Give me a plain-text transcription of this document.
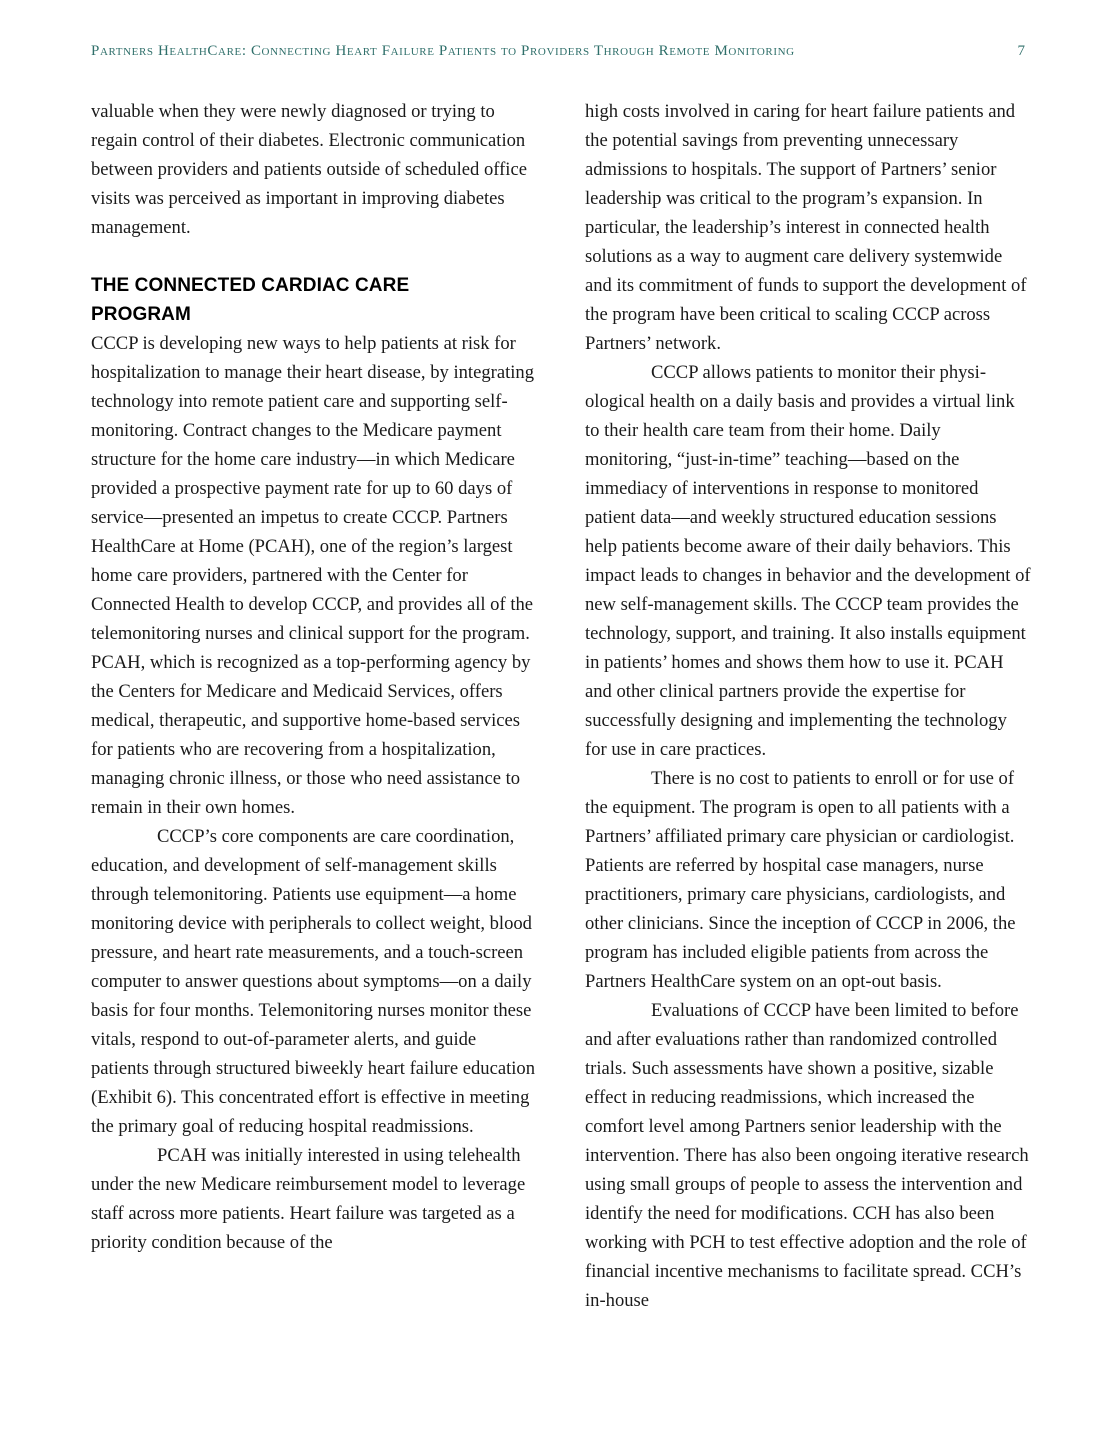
Partners HealthCare: Connecting Heart Failure Patients to Providers Through Remote Monitoring	7

valuable when they were newly diagnosed or trying to regain control of their diabetes. Electronic communication between providers and patients outside of scheduled office visits was perceived as important in improving diabetes management.

THE CONNECTED CARDIAC CARE
PROGRAM

CCCP is developing new ways to help patients at risk for hospitalization to manage their heart disease, by integrating technology into remote patient care and supporting self-monitoring. Contract changes to the Medicare payment structure for the home care industry—in which Medicare provided a prospective payment rate for up to 60 days of service—presented an impetus to create CCCP. Partners HealthCare at Home (PCAH), one of the region’s largest home care providers, partnered with the Center for Connected Health to develop CCCP, and provides all of the telemonitoring nurses and clinical support for the program. PCAH, which is recognized as a top-performing agency by the Centers for Medicare and Medicaid Services, offers medical, therapeutic, and supportive home-based services for patients who are recovering from a hospitalization, managing chronic illness, or those who need assistance to remain in their own homes.

CCCP’s core components are care coordination, education, and development of self-management skills through telemonitoring. Patients use equipment—a home monitoring device with peripherals to collect weight, blood pressure, and heart rate measurements, and a touch-screen computer to answer questions about symptoms—on a daily basis for four months. Telemonitoring nurses monitor these vitals, respond to out-of-parameter alerts, and guide patients through structured biweekly heart failure education (Exhibit 6). This concentrated effort is effective in meeting the primary goal of reducing hospital readmissions.

PCAH was initially interested in using telehealth under the new Medicare reimbursement model to leverage staff across more patients. Heart failure was targeted as a priority condition because of the

high costs involved in caring for heart failure patients and the potential savings from preventing unnecessary admissions to hospitals. The support of Partners’ senior leadership was critical to the program’s expansion. In particular, the leadership’s interest in connected health solutions as a way to augment care delivery systemwide and its commitment of funds to support the development of the program have been critical to scaling CCCP across Partners’ network.

CCCP allows patients to monitor their physiological health on a daily basis and provides a virtual link to their health care team from their home. Daily monitoring, “just-in-time” teaching—based on the immediacy of interventions in response to monitored patient data—and weekly structured education sessions help patients become aware of their daily behaviors. This impact leads to changes in behavior and the development of new self-management skills. The CCCP team provides the technology, support, and training. It also installs equipment in patients’ homes and shows them how to use it. PCAH and other clinical partners provide the expertise for successfully designing and implementing the technology for use in care practices.

There is no cost to patients to enroll or for use of the equipment. The program is open to all patients with a Partners’ affiliated primary care physician or cardiologist. Patients are referred by hospital case managers, nurse practitioners, primary care physicians, cardiologists, and other clinicians. Since the inception of CCCP in 2006, the program has included eligible patients from across the Partners HealthCare system on an opt-out basis.

Evaluations of CCCP have been limited to before and after evaluations rather than randomized controlled trials. Such assessments have shown a positive, sizable effect in reducing readmissions, which increased the comfort level among Partners senior leadership with the intervention. There has also been ongoing iterative research using small groups of people to assess the intervention and identify the need for modifications. CCH has also been working with PCH to test effective adoption and the role of financial incentive mechanisms to facilitate spread. CCH’s in-house
